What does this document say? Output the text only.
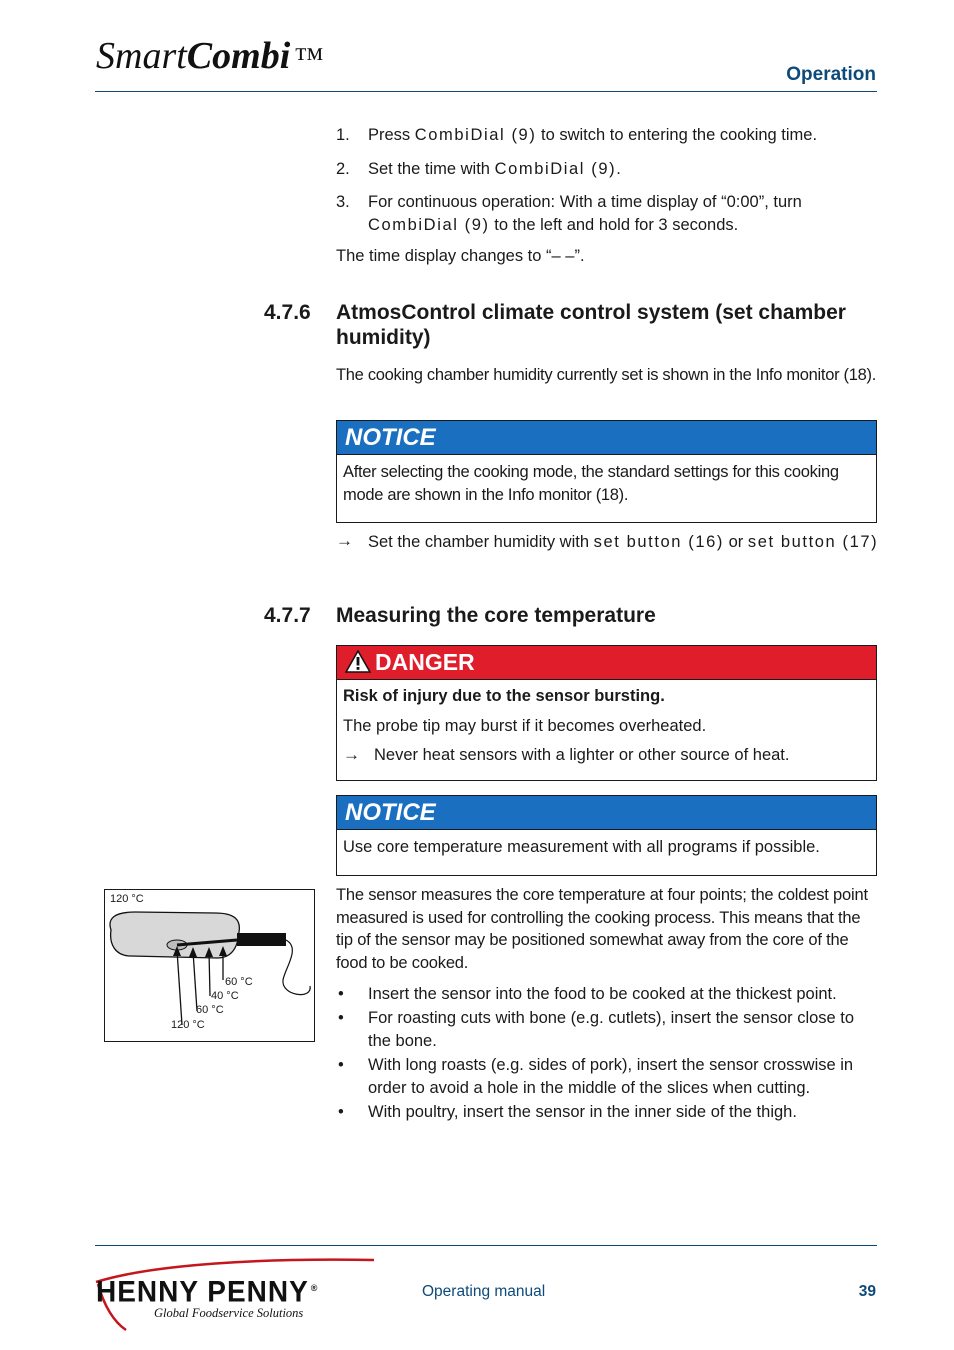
SmartCombi ™	Operation
1. Press CombiDial (9) to switch to entering the cooking time.
2. Set the time with CombiDial (9).
3. For continuous operation: With a time display of “0:00”, turn CombiDial (9) to the left and hold for 3 seconds.
The time display changes to “– –”.
4.7.6 AtmosControl climate control system (set chamber humidity)
The cooking chamber humidity currently set is shown in the Info monitor (18).
NOTICE
After selecting the cooking mode, the standard settings for this cooking mode are shown in the Info monitor (18).
→ Set the chamber humidity with set button (16) or set button (17)
4.7.7 Measuring the core temperature
DANGER
Risk of injury due to the sensor bursting.
The probe tip may burst if it becomes overheated.
→ Never heat sensors with a lighter or other source of heat.
NOTICE
Use core temperature measurement with all programs if possible.
120 °C
60 °C
40 °C
60 °C
120 °C
The sensor measures the core temperature at four points; the coldest point measured is used for controlling the cooking process. This means that the tip of the sensor may be positioned somewhat away from the core of the food to be cooked.
• Insert the sensor into the food to be cooked at the thickest point.
• For roasting cuts with bone (e.g. cutlets), insert the sensor close to the bone.
• With long roasts (e.g. sides of pork), insert the sensor crosswise in order to avoid a hole in the middle of the slices when cutting.
• With poultry, insert the sensor in the inner side of the thigh.
HENNY PENNY ®
Global Foodservice Solutions
Operating manual	39
